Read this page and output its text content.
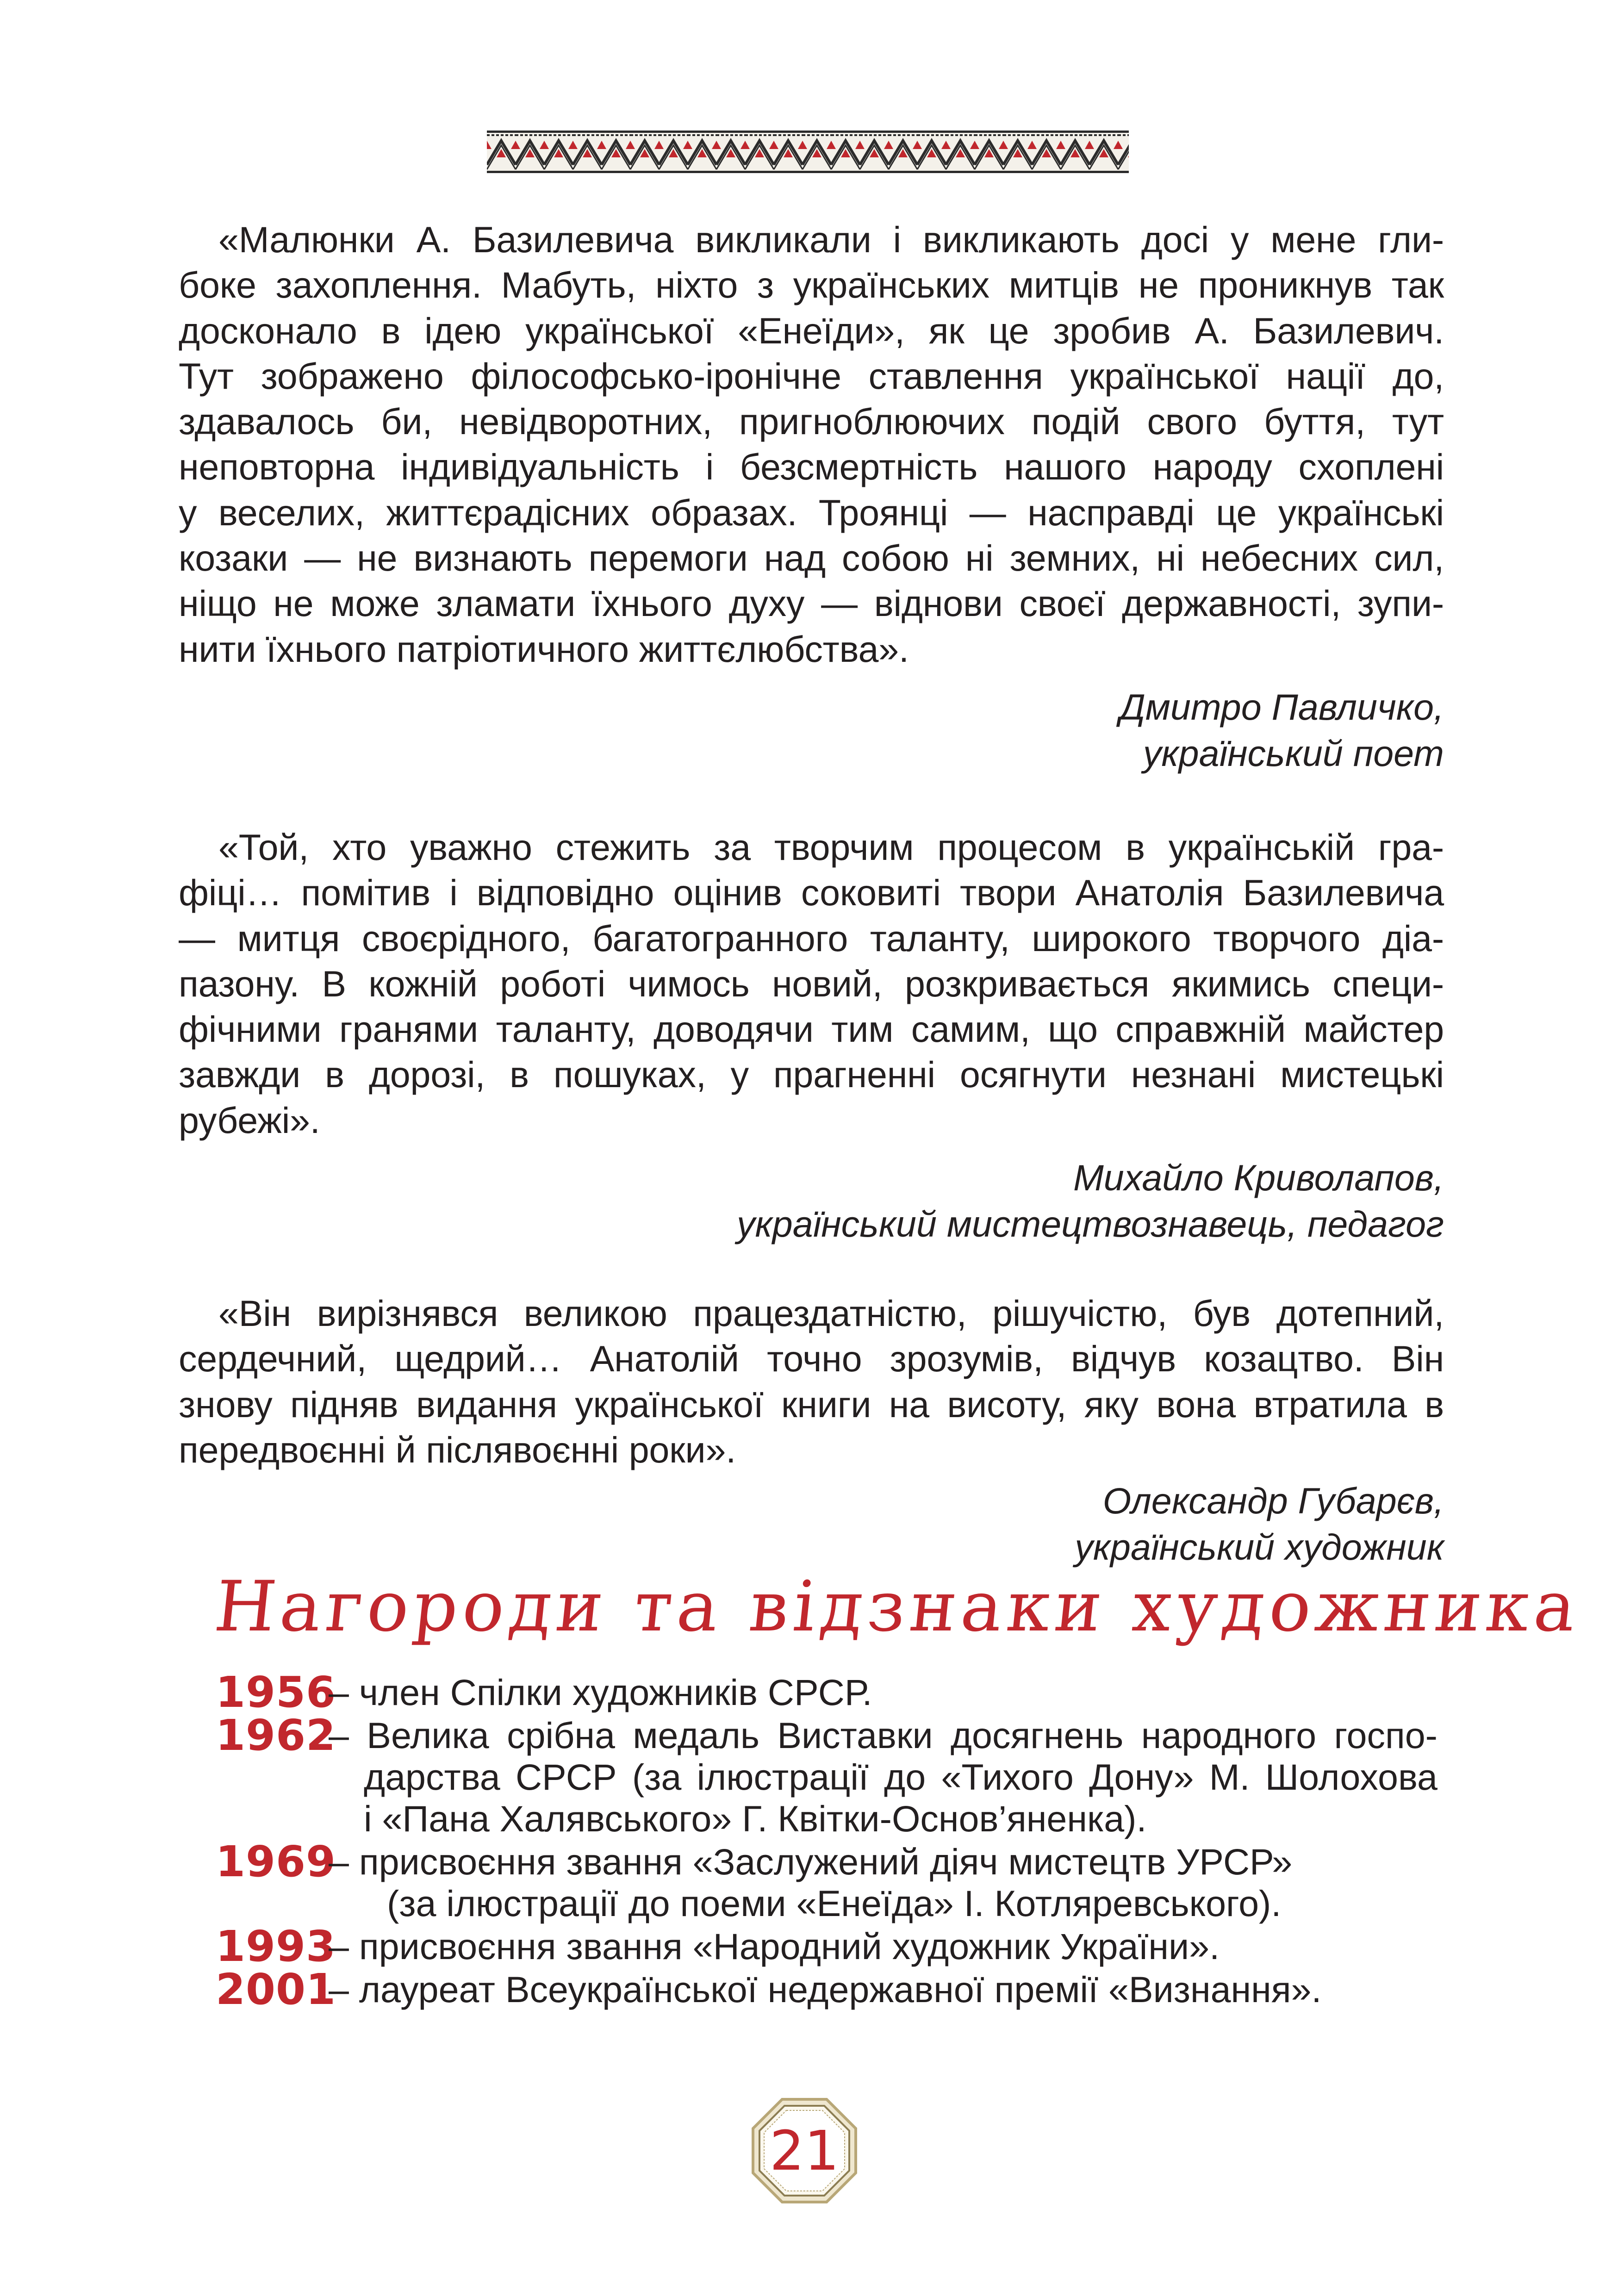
«Малюнки А. Базилевича викликали і викликають досі у мене гли-
боке захоплення. Мабуть, ніхто з українських митців не проникнув так
досконало в ідею української «Енеїди», як це зробив А. Базилевич.
Тут зображено філософсько-іронічне ставлення української нації до,
здавалось би, невідворотних, пригноблюючих подій свого буття, тут
неповторна індивідуальність і безсмертність нашого народу схоплені
у веселих, життєрадісних образах. Троянці — насправді це українські
козаки — не визнають перемоги над собою ні земних, ні небесних сил,
ніщо не може зламати їхнього духу — віднови своєї державності, зупи-
нити їхнього патріотичного життєлюбства».
Дмитро Павличко,
український поет
«Той, хто уважно стежить за творчим процесом в українській гра-
фіці… помітив і відповідно оцінив соковиті твори Анатолія Базилевича
— митця своєрідного, багатогранного таланту, широкого творчого діа-
пазону. В кожній роботі чимось новий, розкривається якимись специ-
фічними гранями таланту, доводячи тим самим, що справжній майстер
завжди в дорозі, в пошуках, у прагненні осягнути незнані мистецькі
рубежі».
Михайло Криволапов,
український мистецтвознавець, педагог
«Він вирізнявся великою працездатністю, рішучістю, був дотепний,
сердечний, щедрий… Анатолій точно зрозумів, відчув козацтво. Він
знову підняв видання української книги на висоту, яку вона втратила в
передвоєнні й післявоєнні роки».
Олександр Губарєв,
український художник
Нагороди та відзнаки художника
1956
– член Спілки художників СРСР.
1962
– Велика срібна медаль Виставки досягнень народного госпо-
дарства СРСР (за ілюстрації до «Тихого Дону» М. Шолохова
і «Пана Халявського» Г. Квітки-Основ’яненка).
1969
– присвоєння звання «Заслужений діяч мистецтв УРСР»
(за ілюстрації до поеми «Енеїда» І. Котляревського).
1993
– присвоєння звання «Народний художник України».
2001
– лауреат Всеукраїнської недержавної премії «Визнання».
21
